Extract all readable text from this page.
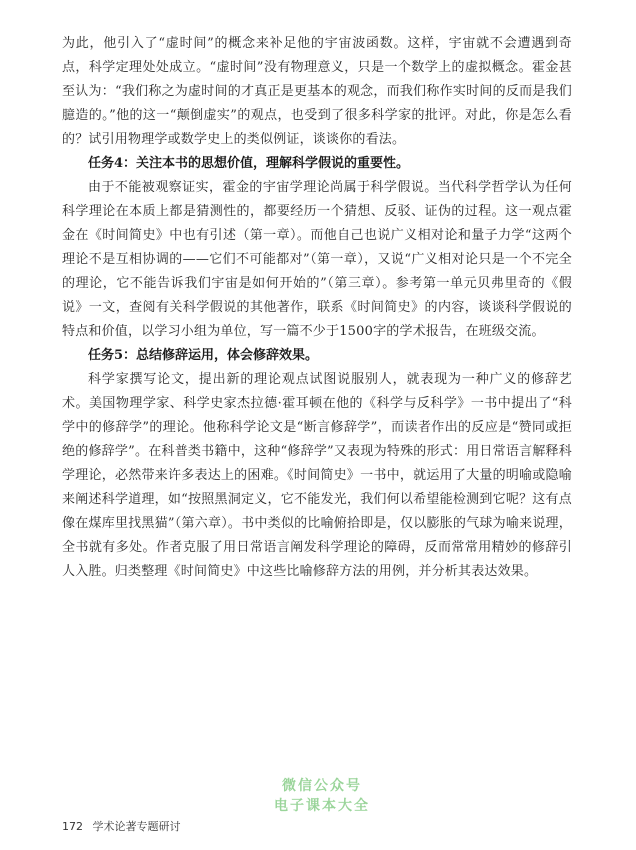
为此，他引入了“虚时间”的概念来补足他的宇宙波函数。这样，宇宙就不会遭遇到奇点，科学定理处处成立。“虚时间”没有物理意义，只是一个数学上的虚拟概念。霍金甚至认为：“我们称之为虚时间的才真正是更基本的观念，而我们称作实时间的反而是我们臆造的。”他的这一“颠倒虚实”的观点，也受到了很多科学家的批评。对此，你是怎么看的？试引用物理学或数学史上的类似例证，谈谈你的看法。

任务4：关注本书的思想价值，理解科学假说的重要性。

由于不能被观察证实，霍金的宇宙学理论尚属于科学假说。当代科学哲学认为任何科学理论在本质上都是猜测性的，都要经历一个猜想、反驳、证伪的过程。这一观点霍金在《时间简史》中也有引述（第一章）。而他自己也说广义相对论和量子力学“这两个理论不是互相协调的——它们不可能都对”（第一章），又说“广义相对论只是一个不完全的理论，它不能告诉我们宇宙是如何开始的”（第三章）。参考第一单元贝弗里奇的《假说》一文，查阅有关科学假说的其他著作，联系《时间简史》的内容，谈谈科学假说的特点和价值，以学习小组为单位，写一篇不少于1500字的学术报告，在班级交流。

任务5：总结修辞运用，体会修辞效果。

科学家撰写论文，提出新的理论观点试图说服别人，就表现为一种广义的修辞艺术。美国物理学家、科学史家杰拉德·霍耳顿在他的《科学与反科学》一书中提出了“科学中的修辞学”的理论。他称科学论文是“断言修辞学”，而读者作出的反应是“赞同或拒绝的修辞学”。在科普类书籍中，这种“修辞学”又表现为特殊的形式：用日常语言解释科学理论，必然带来许多表达上的困难。《时间简史》一书中，就运用了大量的明喻或隐喻来阐述科学道理，如“按照黑洞定义，它不能发光，我们何以希望能检测到它呢？这有点像在煤库里找黑猫”（第六章）。书中类似的比喻俯拾即是，仅以膨胀的气球为喻来说理，全书就有多处。作者克服了用日常语言阐发科学理论的障碍，反而常常用精妙的修辞引人入胜。归类整理《时间简史》中这些比喻修辞方法的用例，并分析其表达效果。

172 学术论著专题研讨
微信公众号
电子课本大全
